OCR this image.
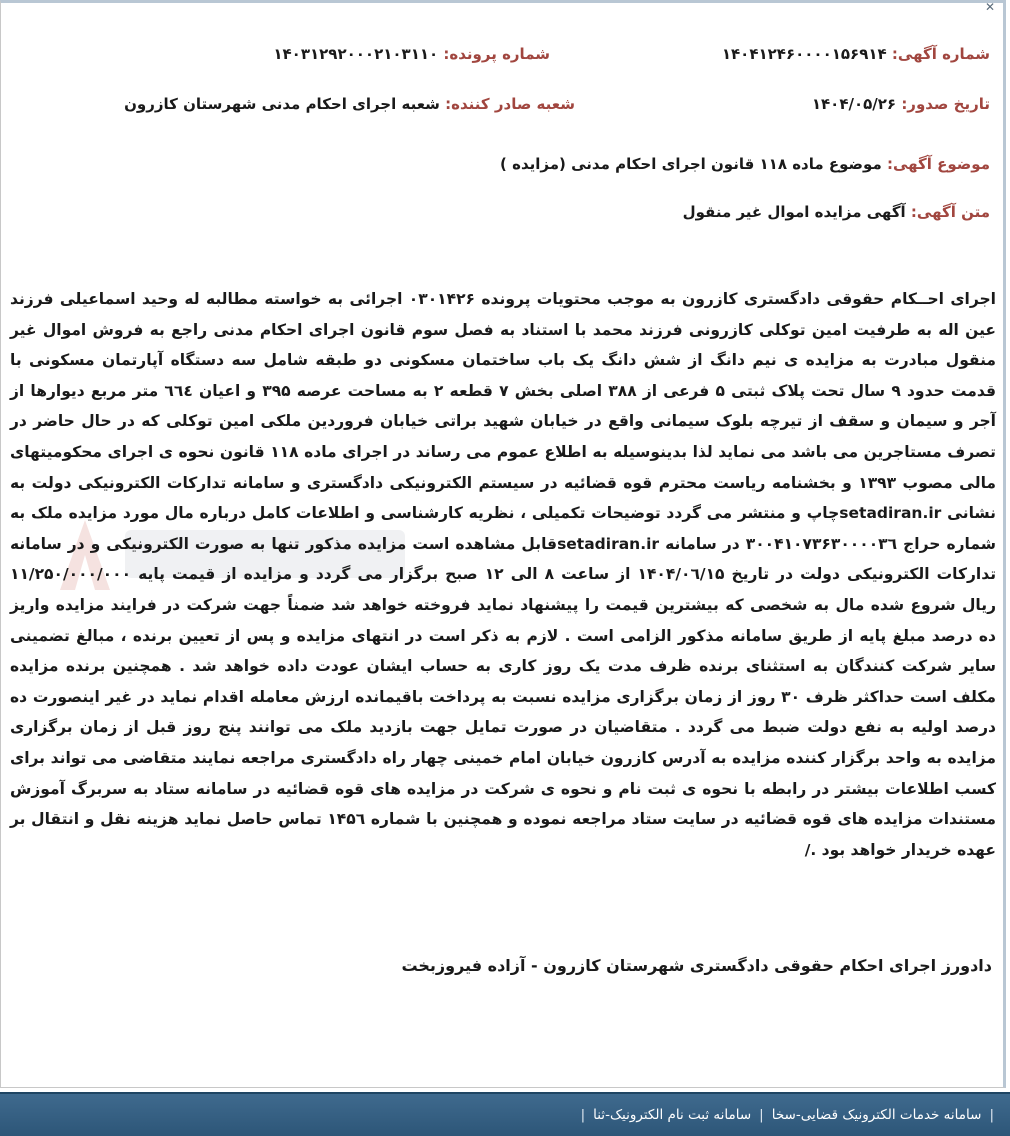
✕
شماره آگهی: ۱۴۰۴۱۲۴۶۰۰۰۰۱۵۶۹۱۴
تاریخ صدور: ۱۴۰۴/۰۵/۲۶
شماره پرونده: ۱۴۰۳۱۲۹۲۰۰۰۲۱۰۳۱۱۰
شعبه صادر کننده: شعبه اجرای احکام مدنی شهرستان کازرون
موضوع آگهی: موضوع ماده ۱۱۸ قانون اجرای احکام مدنی (مزایده )
متن آگهی: آگهی مزایده اموال غیر منقول
اجرای احــکام حقوقی دادگستری کازرون به موجب محتویات پرونده ۰۳۰۱۴۲۶ اجرائی به خواسته مطالبه له وحید اسماعیلی فرزند عین اله به طرفیت امین توکلی کازرونی فرزند محمد با استناد به فصل سوم قانون اجرای احکام مدنی راجع به فروش اموال غیر منقول مبادرت به مزایده ی نیم دانگ از شش دانگ یک باب ساختمان مسکونی دو طبقه شامل سه دستگاه آپارتمان مسکونی با قدمت حدود ۹ سال تحت پلاک ثبتی ۵ فرعی از ۳۸۸ اصلی بخش ۷ قطعه ۲ به مساحت عرصه ۳۹۵ و اعیان ٦٦٤ متر مربع دیوارها از آجر و سیمان و سقف از تیرچه بلوک سیمانی واقع در خیابان شهید براتی خیابان فروردین ملکی امین توکلی که در حال حاضر در تصرف مستاجرین می باشد می نماید لذا بدینوسیله به اطلاع عموم می رساند در اجرای ماده ۱۱۸ قانون نحوه ی اجرای محکومیتهای مالی مصوب ۱۳۹۳ و بخشنامه ریاست محترم قوه قضائیه در سیستم الکترونیکی دادگستری و سامانه تدارکات الکترونیکی دولت به نشانی setadiran.irچاپ و منتشر می گردد توضیحات تکمیلی ، نظریه کارشناسی و اطلاعات کامل درباره مال مورد مزایده ملک به شماره حراج ۳۰۰۴۱۰۷۳۶۳۰۰۰۰۳٦ در سامانه setadiran.irقابل مشاهده است مزایده مذکور تنها به صورت الکترونیکی و در سامانه تدارکات الکترونیکی دولت در تاریخ ۱۴۰۴/۰٦/۱۵ از ساعت ۸ الی ۱۲ صبح برگزار می گردد و مزایده از قیمت پایه ۱۱/۲۵۰/۰۰۰/۰۰۰ ریال شروع شده مال به شخصی که بیشترین قیمت را پیشنهاد نماید فروخته خواهد شد ضمناً جهت شرکت در فرایند مزایده واریز ده درصد مبلغ پایه از طریق سامانه مذکور الزامی است . لازم به ذکر است در انتهای مزایده و پس از تعیین برنده ، مبالغ تضمینی سایر شرکت کنندگان به استثنای برنده ظرف مدت یک روز کاری به حساب ایشان عودت داده خواهد شد . همچنین برنده مزایده مکلف است حداکثر ظرف ۳۰ روز از زمان برگزاری مزایده نسبت به پرداخت باقیمانده ارزش معامله اقدام نماید در غیر اینصورت ده درصد اولیه به نفع دولت ضبط می گردد . متقاضیان در صورت تمایل جهت بازدید ملک می توانند پنج روز قبل از زمان برگزاری مزایده به واحد برگزار کننده مزایده به آدرس کازرون خیابان امام خمینی چهار راه دادگستری مراجعه نمایند متقاضی می تواند برای کسب اطلاعات بیشتر در رابطه با نحوه ی ثبت نام و نحوه ی شرکت در مزایده های قوه قضائیه در سامانه ستاد به سربرگ آموزش مستندات مزایده های قوه قضائیه در سایت ستاد مراجعه نموده و همچنین با شماره ۱۴۵٦ تماس حاصل نماید هزینه نقل و انتقال بر عهده خریدار خواهد بود ./
دادورز اجرای احکام حقوقی دادگستری شهرستان کازرون - آزاده فیروزبخت
|
سامانه خدمات الکترونیک قضایی-سخا
|
سامانه ثبت نام الکترونیک-ثنا
|
